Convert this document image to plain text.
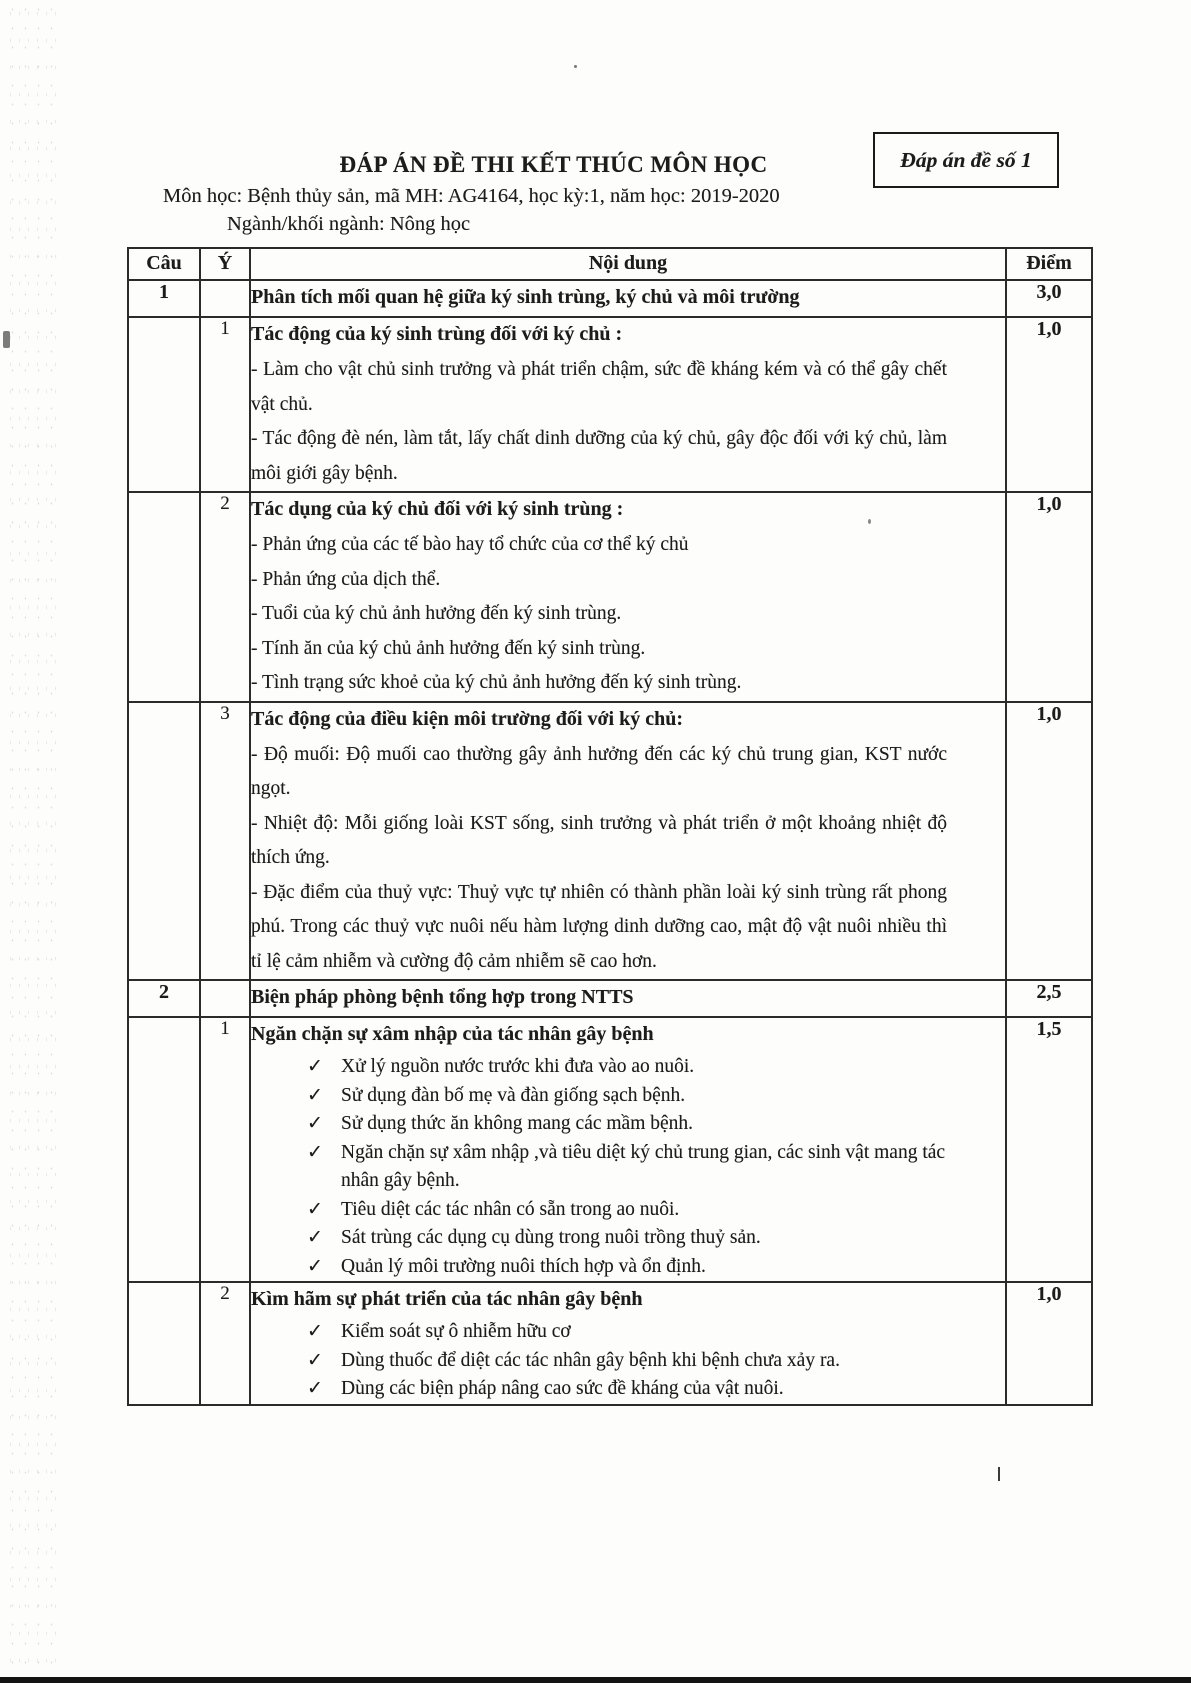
Đáp án đề số 1
ĐÁP ÁN ĐỀ THI KẾT THÚC MÔN HỌC
Môn học: Bệnh thủy sản, mã MH: AG4164, học kỳ:1, năm học: 2019-2020
Ngành/khối ngành: Nông học
Câu	Ý	Nội dung	Điểm
1		Phân tích mối quan hệ giữa ký sinh trùng, ký chủ và môi trường	3,0
	1	Tác động của ký sinh trùng đối với ký chủ :
- Làm cho vật chủ sinh trưởng và phát triển chậm, sức đề kháng kém và có thể gây chết vật chủ.
- Tác động đè nén, làm tắt, lấy chất dinh dưỡng của ký chủ, gây độc đối với ký chủ, làm môi giới gây bệnh.	1,0
	2	Tác dụng của ký chủ đối với ký sinh trùng :
- Phản ứng của các tế bào hay tổ chức của cơ thể ký chủ
- Phản ứng của dịch thể.
- Tuổi của ký chủ ảnh hưởng đến ký sinh trùng.
- Tính ăn của ký chủ ảnh hưởng đến ký sinh trùng.
- Tình trạng sức khoẻ của ký chủ ảnh hưởng đến ký sinh trùng.
	1,0
	3	Tác động của điều kiện môi trường đối với ký chủ:
- Độ muối: Độ muối cao thường gây ảnh hưởng đến các ký chủ trung gian, KST nước ngọt.
- Nhiệt độ: Mỗi giống loài KST sống, sinh trưởng và phát triển ở một khoảng nhiệt độ thích ứng.
- Đặc điểm của thuỷ vực: Thuỷ vực tự nhiên có thành phần loài ký sinh trùng rất phong phú. Trong các thuỷ vực nuôi nếu hàm lượng dinh dưỡng cao, mật độ vật nuôi nhiều thì tỉ lệ cảm nhiễm và cường độ cảm nhiễm sẽ cao hơn.	1,0
2		Biện pháp phòng bệnh tổng hợp trong NTTS	2,5
	1	Ngăn chặn sự xâm nhập của tác nhân gây bệnh
✓ Xử lý nguồn nước trước khi đưa vào ao nuôi.
✓ Sử dụng đàn bố mẹ và đàn giống sạch bệnh.
✓ Sử dụng thức ăn không mang các mầm bệnh.
✓ Ngăn chặn sự xâm nhập ,và tiêu diệt ký chủ trung gian, các sinh vật mang tác nhân gây bệnh.
✓ Tiêu diệt các tác nhân có sẵn trong ao nuôi.
✓ Sát trùng các dụng cụ dùng trong nuôi trồng thuỷ sản.
✓ Quản lý môi trường nuôi thích hợp và ổn định.
	1,5
	2	Kìm hãm sự phát triển của tác nhân gây bệnh
✓ Kiểm soát sự ô nhiễm hữu cơ
✓ Dùng thuốc để diệt các tác nhân gây bệnh khi bệnh chưa xảy ra.
✓ Dùng các biện pháp nâng cao sức đề kháng của vật nuôi.
	1,0
